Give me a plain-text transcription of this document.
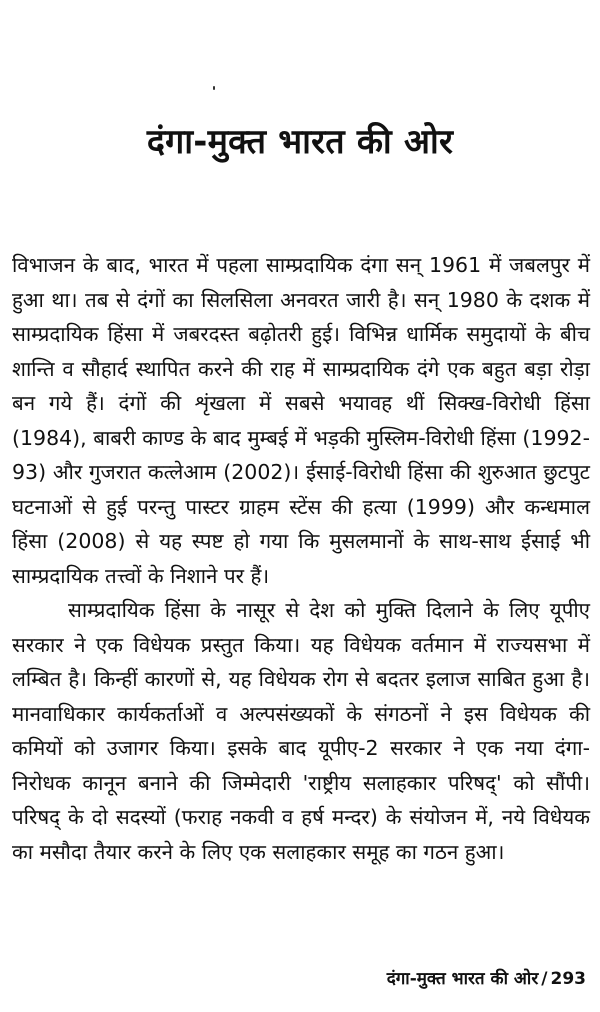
दंगा-मुक्त भारत की ओर

विभाजन के बाद, भारत में पहला साम्प्रदायिक दंगा सन् 1961 में जबलपुर में हुआ था। तब से दंगों का सिलसिला अनवरत जारी है। सन् 1980 के दशक में साम्प्रदायिक हिंसा में जबरदस्त बढ़ोतरी हुई। विभिन्न धार्मिक समुदायों के बीच शान्ति व सौहार्द स्थापित करने की राह में साम्प्रदायिक दंगे एक बहुत बड़ा रोड़ा बन गये हैं। दंगों की शृंखला में सबसे भयावह थीं सिक्ख-विरोधी हिंसा (1984), बाबरी काण्ड के बाद मुम्बई में भड़की मुस्लिम-विरोधी हिंसा (1992-93) और गुजरात कत्लेआम (2002)। ईसाई-विरोधी हिंसा की शुरुआत छुटपुट घटनाओं से हुई परन्तु पास्टर ग्राहम स्टेंस की हत्या (1999) और कन्धमाल हिंसा (2008) से यह स्पष्ट हो गया कि मुसलमानों के साथ-साथ ईसाई भी साम्प्रदायिक तत्त्वों के निशाने पर हैं।

साम्प्रदायिक हिंसा के नासूर से देश को मुक्ति दिलाने के लिए यूपीए सरकार ने एक विधेयक प्रस्तुत किया। यह विधेयक वर्तमान में राज्यसभा में लम्बित है। किन्हीं कारणों से, यह विधेयक रोग से बदतर इलाज साबित हुआ है। मानवाधिकार कार्यकर्ताओं व अल्पसंख्यकों के संगठनों ने इस विधेयक की कमियों को उजागर किया। इसके बाद यूपीए-2 सरकार ने एक नया दंगा-निरोधक कानून बनाने की जिम्मेदारी 'राष्ट्रीय सलाहकार परिषद्' को सौंपी। परिषद् के दो सदस्यों (फराह नकवी व हर्ष मन्दर) के संयोजन में, नये विधेयक का मसौदा तैयार करने के लिए एक सलाहकार समूह का गठन हुआ।

दंगा-मुक्त भारत की ओर / 293
